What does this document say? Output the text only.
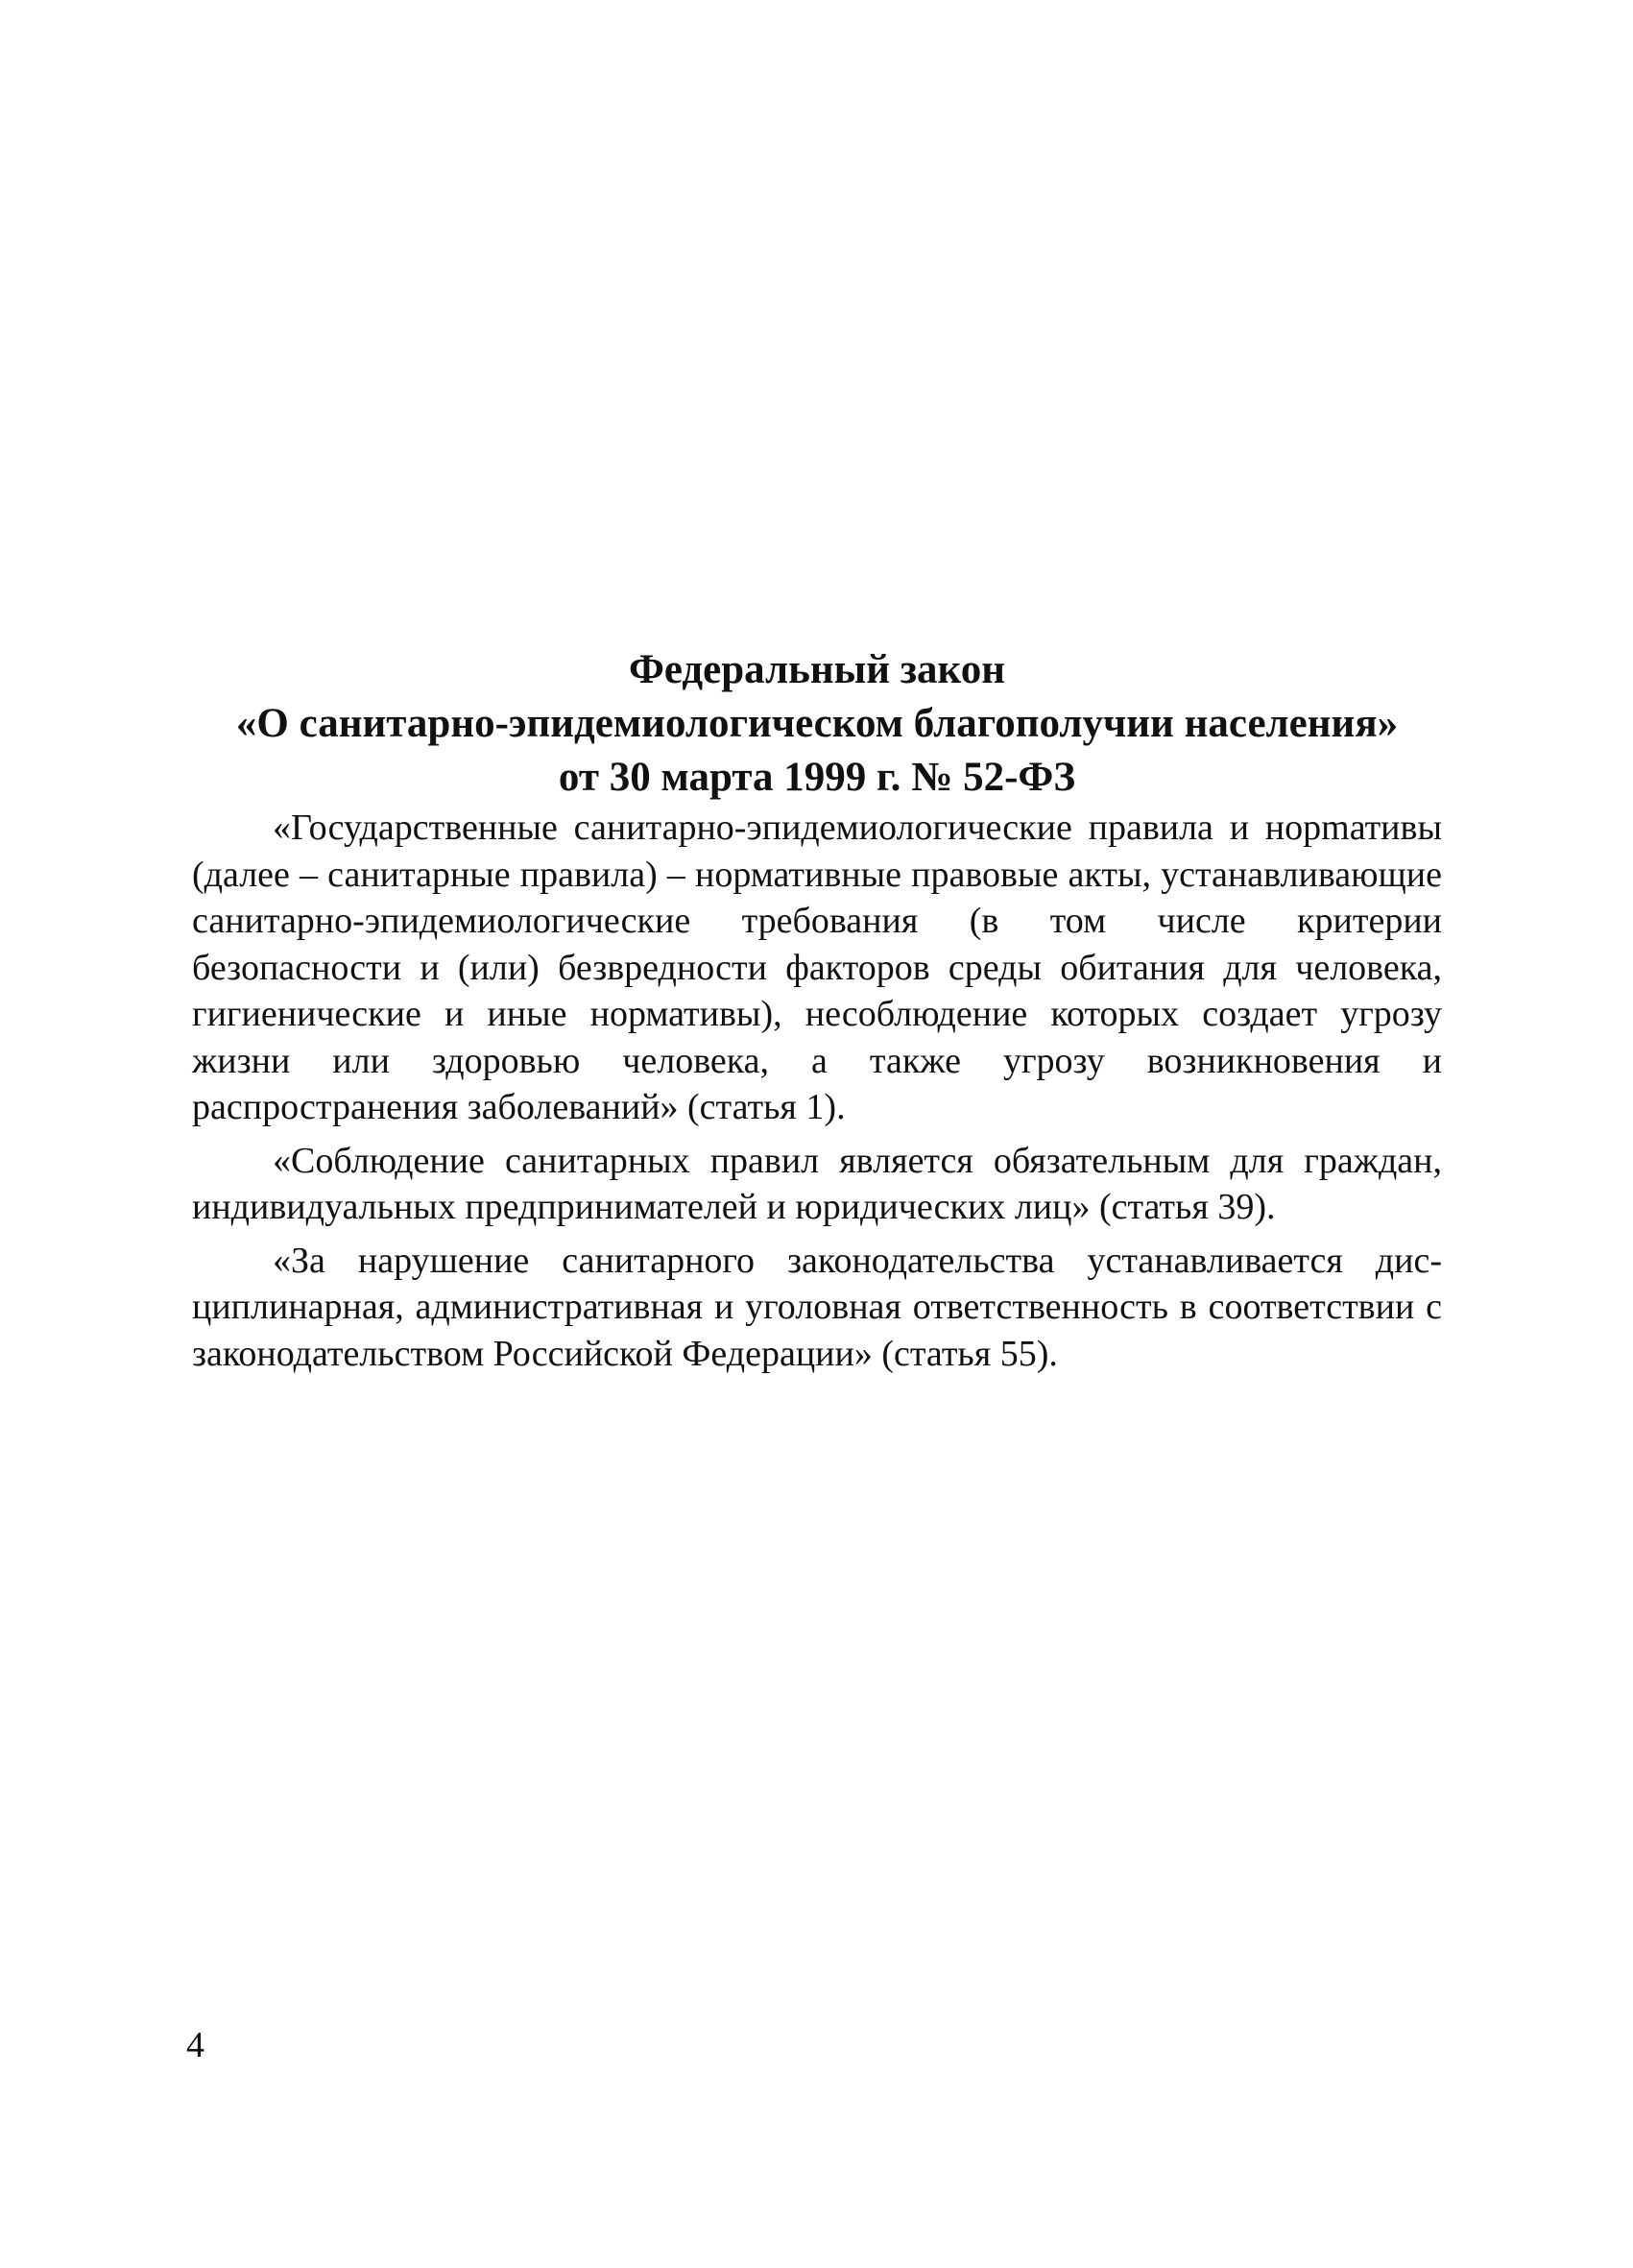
Федеральный закон
«О санитарно-эпидемиологическом благополучии населения»
от 30 марта 1999 г. № 52-ФЗ

«Государственные санитарно-эпидемиологические правила и норmативы (далее – санитарные правила) – нормативные правовые акты, устанавливающие санитарно-эпидемиологические требования (в том числе критерии безопасности и (или) безвредности факторов среды обитания для человека, гигиенические и иные нормативы), несоблюдение которых создает угрозу жизни или здоровью человека, а также угрозу возникновения и распространения заболеваний» (статья 1).

«Соблюдение санитарных правил является обязательным для граждан, индивидуальных предпринимателей и юридических лиц» (статья 39).

«За нарушение санитарного законодательства устанавливается дисциплинарная, административная и уголовная ответственность в соответствии с законодательством Российской Федерации» (статья 55).

4
